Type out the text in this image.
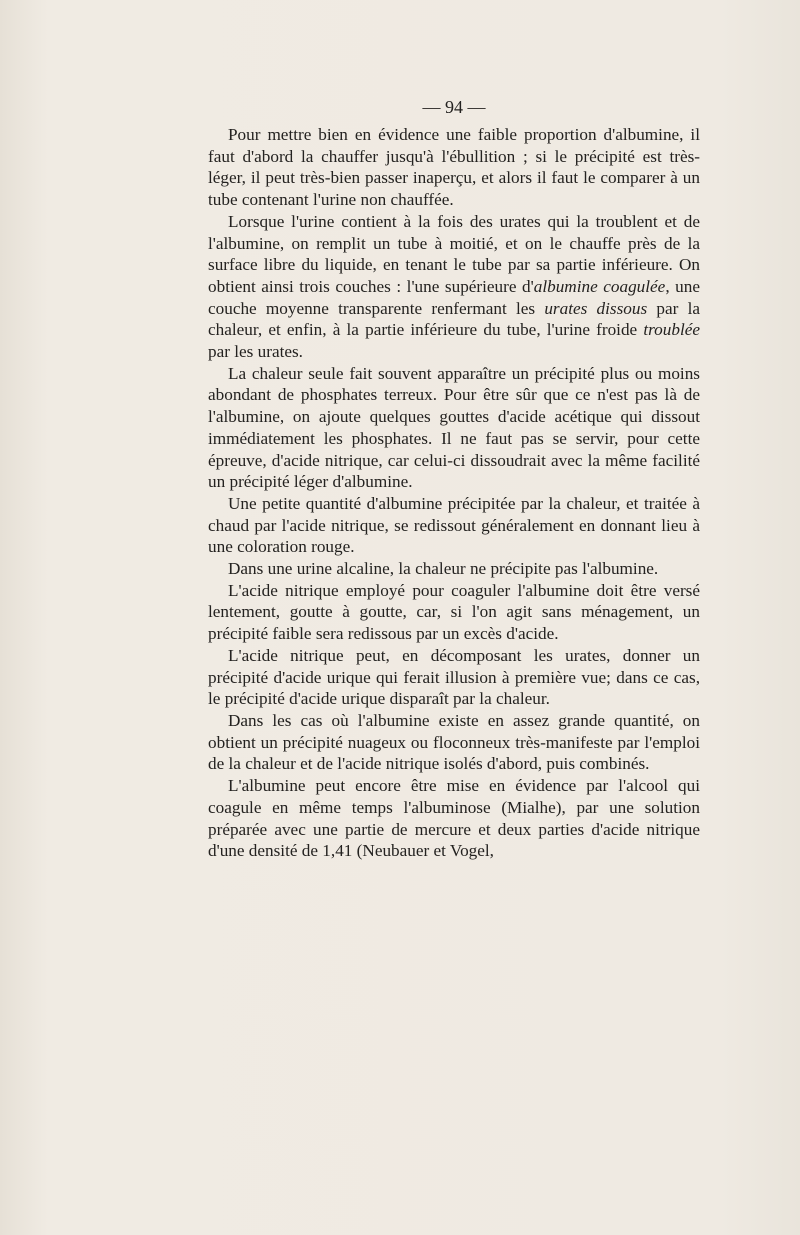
— 94 —

Pour mettre bien en évidence une faible proportion d'albumine, il faut d'abord la chauffer jusqu'à l'ébullition ; si le précipité est très-léger, il peut très-bien passer inaperçu, et alors il faut le comparer à un tube contenant l'urine non chauffée.

Lorsque l'urine contient à la fois des urates qui la troublent et de l'albumine, on remplit un tube à moitié, et on le chauffe près de la surface libre du liquide, en tenant le tube par sa partie inférieure. On obtient ainsi trois couches : l'une supérieure d'albumine coagulée, une couche moyenne transparente renfermant les urates dissous par la chaleur, et enfin, à la partie inférieure du tube, l'urine froide troublée par les urates.

La chaleur seule fait souvent apparaître un précipité plus ou moins abondant de phosphates terreux. Pour être sûr que ce n'est pas là de l'albumine, on ajoute quelques gouttes d'acide acétique qui dissout immédiatement les phosphates. Il ne faut pas se servir, pour cette épreuve, d'acide nitrique, car celui-ci dissoudrait avec la même facilité un précipité léger d'albumine.

Une petite quantité d'albumine précipitée par la chaleur, et traitée à chaud par l'acide nitrique, se redissout généralement en donnant lieu à une coloration rouge.

Dans une urine alcaline, la chaleur ne précipite pas l'albumine.

L'acide nitrique employé pour coaguler l'albumine doit être versé lentement, goutte à goutte, car, si l'on agit sans ménagement, un précipité faible sera redissous par un excès d'acide.

L'acide nitrique peut, en décomposant les urates, donner un précipité d'acide urique qui ferait illusion à première vue; dans ce cas, le précipité d'acide urique disparaît par la chaleur.

Dans les cas où l'albumine existe en assez grande quantité, on obtient un précipité nuageux ou floconneux très-manifeste par l'emploi de la chaleur et de l'acide nitrique isolés d'abord, puis combinés.

L'albumine peut encore être mise en évidence par l'alcool qui coagule en même temps l'albuminose (Mialhe), par une solution préparée avec une partie de mercure et deux parties d'acide nitrique d'une densité de 1,41 (Neubauer et Vogel,
